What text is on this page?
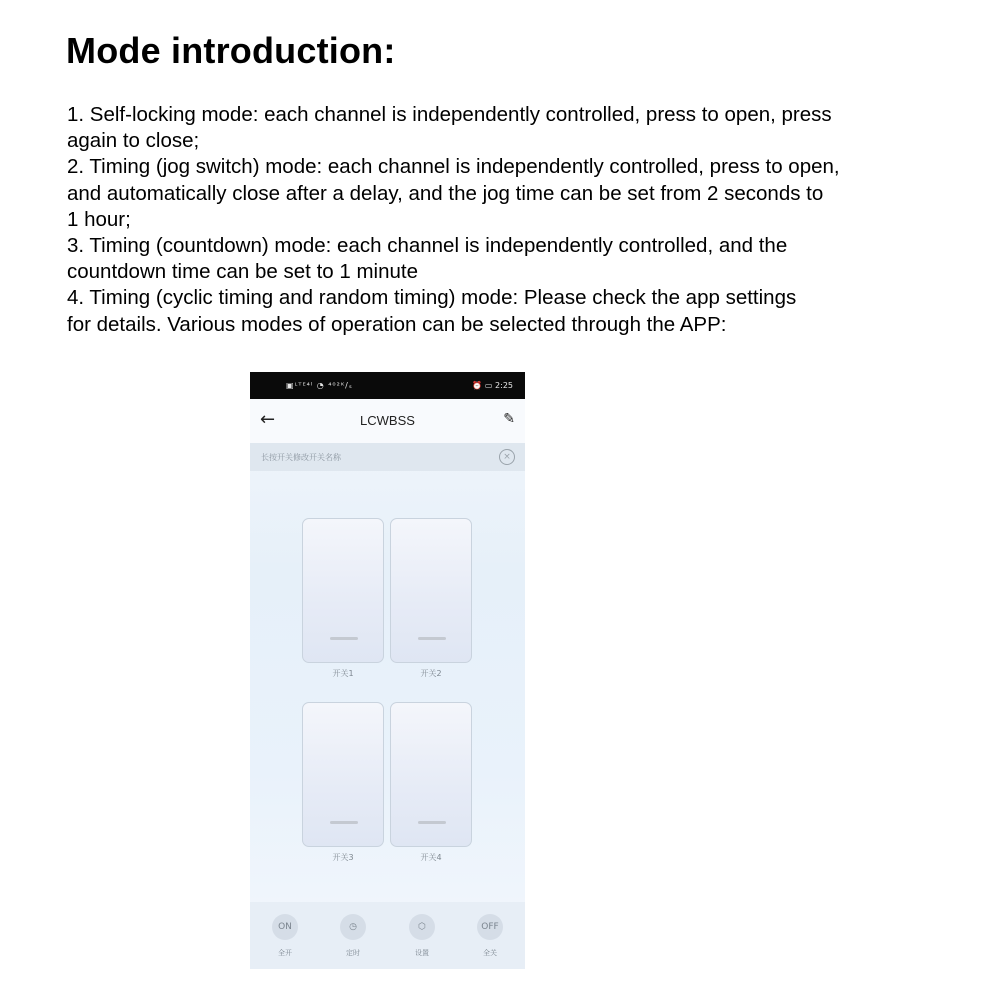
Mode introduction:
1. Self-locking mode: each channel is independently controlled, press to open, press
again to close;
2. Timing (jog switch) mode: each channel is independently controlled, press to open,
and automatically close after a delay, and the jog time can be set from 2 seconds to
1 hour;
3. Timing (countdown) mode: each channel is independently controlled, and the
countdown time can be set to 1 minute
4. Timing (cyclic timing and random timing) mode: Please check the app settings
for details. Various modes of operation can be selected through the APP:
▣ᴸᵀᴱ⁴ˡ ◔ ⁴⁰²ᴷ/ₛ	⏰ ▭ 2:25
←	LCWBSS	✎
长按开关修改开关名称	×
开关1	开关2
开关3	开关4
ON
全开
◷
定时
⬡
设置
OFF
全关
